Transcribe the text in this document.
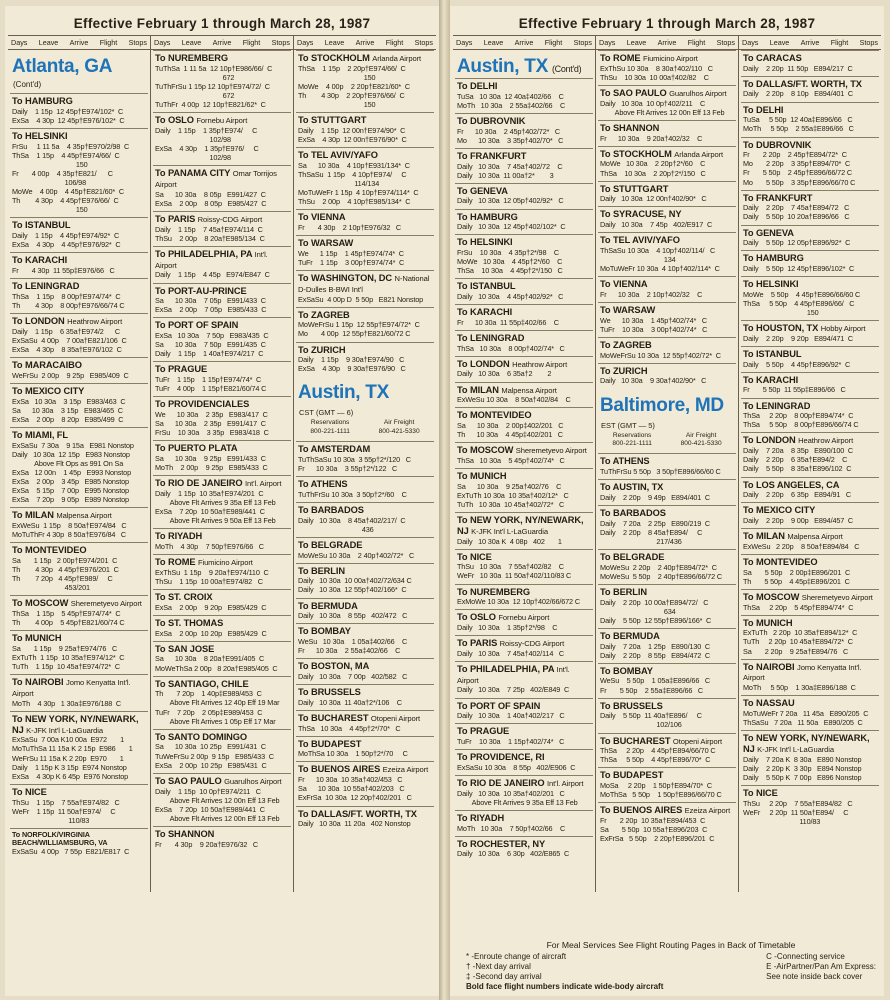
Effective February 1 through March 28, 1987
Days Leave Arrive Flight Stops Days Leave Arrive Flight Stops Days Leave Arrive Flight Stops
Atlanta, GA
(Cont'd)
To HAMBURG
Daily    1 15p  12 45p†E974/102*  C
ExSa    4 30p  12 45p†E976/102*  C
To HELSINKI
FrSu     1 11 5a    4 35p†E970/2/98  C
ThSa    1 15p    4 45p†E974/66/  C
150
Fr       4 00p    4 35p†E821/      C
106/98
MoWe    4 00p    4 45p†E821/60*  C
Th        4 30p    4 45p†E976/66/  C
150
To ISTANBUL
Daily    1 15p    4 45p†E974/92*  C
ExSa    4 30p    4 45p†E976/92*  C
To KARACHI
Fr       4 30p  11 55p‡E976/66   C
To LENINGRAD
ThSa    1 15p    8 00p†E974/74*  C
Th        4 30p    8 00p†E976/66/74 C
To LONDON Heathrow Airport
Daily    1 15p    6 35a†E974/2      C
ExSaSu  4 00p    7 00a†E821/106  C
ExSa    4 30p    8 35a†E976/102  C
To MARACAIBO
WeFrSu  2 00p    9 25p   E985/409  C
To MEXICO CITY
ExSa   10 30a    3 15p   E983/463  C
Sa      10 30a    3 15p   E983/465  C
ExSa    2 00p    8 20p   E985/499  C
To MIAMI, FL
ExSaSu  7 30a    9 15a   E981 Nonstop
Daily   10 30a  12 15p   E983 Nonstop
Above Flt Ops as 991 On Sa
ExSa   12 00n    1 45p   E993 Nonstop
ExSa    2 00p    3 45p   E985 Nonstop
ExSa    5 15p    7 00p   E995 Nonstop
ExSa    7 20p    9 05p   E989 Nonstop
To MILAN Malpensa Airport
ExWeSu  1 15p    8 50a†E974/84   C
MoTuThFr 4 30p  8 50a†E976/84   C
To MONTEVIDEO
Sa       1 15p   2 00p†E974/201  C
Th        4 30p   4 45p†E976/201  C
Th        7 20p   4 45p†E989/     C
453/201
To MOSCOW Sheremetyevo Airport
ThSa    1 15p    5 45p†E974/74*  C
Th        4 00p    5 45p†E821/60/74 C
To MUNICH
Sa       1 15p    9 25a†E974/76   C
ExTuTh  1 15p  10 35a†E974/12*  C
TuTh    1 15p  10 45a†E974/72*  C
To NAIROBI Jomo Kenyatta Int'l. Airport
MoTh    4 30p   1 30a‡E976/188  C
To NEW YORK, NY/NEWARK, NJ K-JFK Int'l L-LaGuardia
ExSaSu  7 00a K10 00a  E972       1
MoTuThSa 11 15a K 2 15p  E986       1
WeFrSu 11 15a K 2 20p  E970       1
Daily    1 15p K 3 15p  E974 Nonstop
ExSa    4 30p K 6 45p  E976 Nonstop
To NICE
ThSu    1 15p    7 55a†E974/82   C
WeFr    1 15p  11 50a†E974/     C
110/83
To NORFOLK/VIRGINIA BEACH/WILLIAMSBURG, VA
ExSaSu  4 00p   7 55p  E821/E817  C
To NUREMBERG
TuThSa  1 11 5a  12 10p†E986/66/  C
672
TuThFrSu 1 15p 12 10p†E974/72/  C
672
TuThFr  4 00p  12 10p†E821/62*  C
To OSLO Fornebu Airport
Daily    1 15p    1 35p†E974/     C
102/98
ExSa    4 30p    1 35p†E976/     C
102/98
To PANAMA CITY Omar Torrijos Airport
Sa      10 30a    8 05p   E991/427  C
ExSa    2 00p    8 05p   E985/427  C
To PARIS Roissy-CDG Airport
Daily    1 15p    7 45a†E974/114  C
ThSu    2 00p    8 20a†E985/134  C
To PHILADELPHIA, PA Int'l. Airport
Daily    1 15p    4 45p   E974/E847  C
To PORT-AU-PRINCE
Sa      10 30a    7 05p   E991/433  C
ExSa    2 00p    7 05p   E985/433  C
To PORT OF SPAIN
ExSa   10 30a    7 50p   E983/435  C
Sa      10 30a    7 50p   E991/435  C
Daily    1 15p    1 40a†E974/217  C
To PRAGUE
TuFr    1 15p    1 15p†E974/74*  C
TuFr    4 00p    1 15p†E821/60/74 C
To PROVIDENCIALES
We      10 30a    2 35p   E983/417  C
Sa      10 30a    2 35p   E991/417  C
FrSu    10 30a    3 35p   E983/418  C
To PUERTO PLATA
Sa      10 30a    9 25p   E991/433  C
MoTh    2 00p    9 25p   E985/433  C
To RIO DE JANEIRO Int'l. Airport
Daily    1 15p  10 35a†E974/201  C
Above Flt Arrives 9 35a Eff 13 Feb
ExSa    7 20p  10 50a†E989/441  C
Above Flt Arrives 9 50a Eff 13 Feb
To RIYADH
MoTh    4 30p    7 50p†E976/66   C
To ROME Fiumicino Airport
ExThSu  1 15p    9 20a†E974/110  C
ThSu    1 15p  10 00a†E974/82   C
To ST. CROIX
ExSa    2 00p    9 20p   E985/429  C
To ST. THOMAS
ExSa    2 00p  10 20p   E985/429  C
To SAN JOSE
Sa      10 30a    8 20a†E991/405  C
MoWeThSa 2 00p   8 20a†E985/405  C
To SANTIAGO, CHILE
Th       7 20p    1 40p‡E989/453  C
Above Flt Arrives 12 40p Eff 19 Mar
TuFr    7 20p    2 05p‡E989/453  C
Above Flt Arrives 1 05p Eff 17 Mar
To SANTO DOMINGO
Sa      10 30a  10 25p   E991/431  C
TuWeFrSu 2 00p  9 15p   E985/433  C
ExSa    2 00p  10 25p   E985/431  C
To SAO PAULO Guarulhos Airport
Daily    1 15p  10 0p†E974/211   C
Above Flt Arrives 12 00n Eff 13 Feb
ExSa    7 20p  10 50a†E989/441  C
Above Flt Arrives 12 00n Eff 13 Feb
To SHANNON
Fr       4 30p    9 20a†E976/32   C
To STOCKHOLM Arlanda Airport
ThSa    1 15p    2 20p†E974/66/  C
150
MoWe    4 00p    2 20p†E821/60*  C
Th        4 30p    2 20p†E976/66/  C
150
To STUTTGART
Daily    1 15p  12 00n†E974/90*  C
ExSa    4 30p  12 00n†E976/90*  C
To TEL AVIV/YAFO
Sa      10 30a    4 10p†E931/134*  C
ThSaSu  1 15p    4 10p†E974/     C
114/134
MoTuWeFr 1 15p  4 10p†E974/114*  C
ThSu    2 00p    4 10p†E985/134*  C
To VIENNA
Fr       4 30p    2 10p†E976/32   C
To WARSAW
We      1 15p    1 45p†E974/74*  C
TuFr    1 15p    3 00p†E974/74*  C
To WASHINGTON, DC N-National D-Dulles B-BWI Int'l
ExSaSu  4 00p D  5 50p   E821 Nonstop
To ZAGREB
MoWeFrSu 1 15p  12 55p†E974/72*  C
Mo       4 00p  12 55p†E821/60/72 C
To ZURICH
Daily    1 15p    9 30a†E974/90   C
ExSa    4 30p    9 30a†E976/90   C
Austin, TX
CST (GMT — 6)
Reservations
800-221-1111
Air Freight
800-421-5330
To AMSTERDAM
TuThSaSu 10 30a  3 55p†2*/120   C
Fr      10 30a    3 55p†2*/122   C
To ATHENS
TuThFrSu 10 30a  3 50p†2*/60    C
To BARBADOS
Daily   10 30a    8 45a†402/217/  C
436
To BELGRADE
MoWeSu 10 30a    2 40p†402/72*   C
To BERLIN
Daily   10 30a  10 00a†402/72/634 C
Daily   10 30a  12 55p†402/166*  C
To BERMUDA
Daily   10 30a    8 55p   402/472   C
To BOMBAY
WeSu   10 30a    1 05a‡402/66    C
Fr      10 30a    2 55a‡402/66    C
To BOSTON, MA
Daily   10 30a    7 00p   402/582   C
To BRUSSELS
Daily   10 30a  11 40a†2*/106    C
To BUCHAREST Otopeni Airport
ThSa   10 30a    4 45p†2*/70*   C
To BUDAPEST
MoThSa 10 30a    1 50p†2*/70     C
To BUENOS AIRES Ezeiza Airport
Fr      10 30a  10 35a†402/453   C
Sa      10 30a  10 55a†402/203   C
ExFrSa  10 30a  12 20p†402/201   C
To DALLAS/FT. WORTH, TX
Daily   10 30a  11 20a   402 Nonstop
Effective February 1 through March 28, 1987
Days Leave Arrive Flight Stops Days Leave Arrive Flight Stops Days Leave Arrive Flight Stops
Austin, TX (Cont'd)
To DELHI
TuSa   10 30a  12 40a‡402/66    C
MoTh   10 30a    2 55a‡402/66    C
To DUBROVNIK
Fr      10 30a    2 45p†402/72*   C
Mo      10 30a    3 35p†402/70*   C
To FRANKFURT
Daily   10 30a    7 45a†402/72    C
Daily   10 30a  11 00a†2*        3
To GENEVA
Daily   10 30a  12 05p†402/92*   C
To HAMBURG
Daily   10 30a  12 45p†402/102*  C
To HELSINKI
FrSu    10 30a    4 35p†2*/98    C
MoWe   10 30a    4 45p†2*/60    C
ThSa    10 30a    4 45p†2*/150   C
To ISTANBUL
Daily   10 30a    4 45p†402/92*   C
To KARACHI
Fr      10 30a  11 55p‡402/66    C
To LENINGRAD
ThSa   10 30a    8 00p†402/74*   C
To LONDON Heathrow Airport
Daily   10 30a    6 35a†2        2
To MILAN Malpensa Airport
ExWeSu 10 30a    8 50a†402/84    C
To MONTEVIDEO
Sa      10 30a    2 00p‡402/201   C
Th      10 30a    4 45p‡402/201   C
To MOSCOW Sheremetyevo Airport
ThSa   10 30a    5 45p†402/74*   C
To MUNICH
Sa      10 30a    9 25a†402/76    C
ExTuTh 10 30a  10 35a†402/12*   C
TuTh   10 30a  10 45a†402/72*   C
To NEW YORK, NY/NEWARK, NJ K-JFK Int'l L-LaGuardia
Daily   10 30a K  4 08p   402       1
To NICE
ThSu   10 30a    7 55a†402/82    C
WeFr   10 30a  11 50a†402/110/83 C
To NUREMBERG
ExMoWe 10 30a  12 10p†402/66/672 C
To OSLO Fornebu Airport
Daily   10 30a    1 35p†2*/98    C
To PARIS Roissy-CDG Airport
Daily   10 30a    7 45a†402/114   C
To PHILADELPHIA, PA Int'l. Airport
Daily   10 30a    7 25p   402/E849  C
To PORT OF SPAIN
Daily   10 30a    1 40a†402/217   C
To PRAGUE
TuFr    10 30a    1 15p†402/74*   C
To PROVIDENCE, RI
ExSaSu 10 30a    8 55p   402/E906  C
To RIO DE JANEIRO Int'l. Airport
Daily   10 30a  10 35a†402/201   C
Above Flt Arrives 9 35a Eff 13 Feb
To RIYADH
MoTh   10 30a    7 50p†402/66    C
To ROCHESTER, NY
Daily   10 30a    6 30p   402/E865  C
To ROME Fiumicino Airport
ExThSu 10 30a    8 30a†402/110   C
ThSu    10 30a  10 00a†402/82    C
To SAO PAULO Guarulhos Airport
Daily   10 30a  10 0p†402/211    C
Above Flt Arrives 12 00n Eff 13 Feb
To SHANNON
Fr      10 30a    9 20a†402/32    C
To STOCKHOLM Arlanda Airport
MoWe   10 30a    2 20p†2*/60    C
ThSa    10 30a    2 20p†2*/150   C
To STUTTGART
Daily   10 30a  12 00n†402/90*   C
To SYRACUSE, NY
Daily   10 30a    7 45p   402/E917  C
To TEL AVIV/YAFO
ThSaSu 10 30a    4 10p†402/114/   C
134
MoTuWeFr 10 30a  4 10p†402/114*  C
To VIENNA
Fr      10 30a    2 10p†402/32    C
To WARSAW
We      10 30a    1 45p†402/74*   C
TuFr    10 30a    3 00p†402/74*   C
To ZAGREB
MoWeFrSu 10 30a  12 55p†402/72*  C
To ZURICH
Daily   10 30a    9 30a†402/90*   C
Baltimore, MD
EST (GMT — 5)
Reservations
800-221-1111
Air Freight
800-421-5330
To ATHENS
TuThFrSu 5 50p   3 50p†E896/66/60 C
To AUSTIN, TX
Daily    2 20p    9 49p   E894/401  C
To BARBADOS
Daily    7 20a    2 25p   E890/219  C
Daily    2 20p    8 45a†E894/     C
217/436
To BELGRADE
MoWeSu  2 20p    2 40p†E894/72*  C
MoWeSu  5 50p    2 40p†E896/66/72 C
To BERLIN
Daily    2 20p  10 00a†E894/72/   C
634
Daily    5 50p  12 55p†E896/166*  C
To BERMUDA
Daily    7 20a    1 25p   E890/130  C
Daily    2 20p    8 55p   E894/472  C
To BOMBAY
WeSu    5 50p    1 05a‡E896/66   C
Fr       5 50p    2 55a‡E896/66   C
To BRUSSELS
Daily    5 50p  11 40a†E896/     C
102/106
To BUCHAREST Otopeni Airport
ThSa     2 20p    4 45p†E894/66/70 C
ThSa     5 50p    4 45p†E896/70*  C
To BUDAPEST
MoSa     2 20p    1 50p†E894/70*  C
MoThSa   5 50p    1 50p†E896/66/70 C
To BUENOS AIRES Ezeiza Airport
Fr       2 20p  10 35a†E894/453  C
Sa       5 50p  10 55a†E896/203  C
ExFrSa   5 50p    2 20p†E896/201  C
To CARACAS
Daily    2 20p  11 50p   E894/217  C
To DALLAS/FT. WORTH, TX
Daily    2 20p    8 10p   E894/401  C
To DELHI
TuSa     5 50p  12 40a‡E896/66   C
MoTh     5 50p    2 55a‡E896/66   C
To DUBROVNIK
Fr       2 20p    2 45p†E894/72*  C
Mo       2 20p    3 35p†E894/70*  C
Fr       5 50p    2 45p†E896/66/72 C
Mo       5 50p    3 35p†E896/66/70 C
To FRANKFURT
Daily    2 20p    7 45a†E894/72   C
Daily    5 50p  10 20a†E896/66   C
To GENEVA
Daily    5 50p  12 05p†E896/92*  C
To HAMBURG
Daily    5 50p  12 45p†E896/102*  C
To HELSINKI
MoWe    5 50p    4 45p†E896/66/60 C
ThSa     5 50p    4 45p†E896/66/   C
150
To HOUSTON, TX Hobby Airport
Daily    2 20p    9 20p   E894/471  C
To ISTANBUL
Daily    5 50p    4 45p†E896/92*  C
To KARACHI
Fr       5 50p  11 55p‡E896/66   C
To LENINGRAD
ThSa     2 20p    8 00p†E894/74*  C
ThSa     5 50p    8 00p†E896/66/74 C
To LONDON Heathrow Airport
Daily    7 20a    8 35p   E890/100  C
Daily    2 20p    6 35a†E894/2    C
Daily    5 50p    8 35a†E896/102  C
To LOS ANGELES, CA
Daily    2 20p    6 35p   E894/91   C
To MEXICO CITY
Daily    2 20p    9 00p   E894/457  C
To MILAN Malpensa Airport
ExWeSu   2 20p    8 50a†E894/84   C
To MONTEVIDEO
Sa       5 50p    2 00p‡E896/201  C
Th       5 50p    4 45p‡E896/201  C
To MOSCOW Sheremetyevo Airport
ThSa     2 20p    5 45p†E894/74*  C
To MUNICH
ExTuTh   2 20p  10 35a†E894/12*  C
TuTh     2 20p  10 45a†E894/72*  C
Sa       2 20p    9 25a†E894/76   C
To NAIROBI Jomo Kenyatta Int'l. Airport
MoTh     5 50p    1 30a‡E896/188  C
To NASSAU
MoTuWeFr 7 20a   11 45a   E890/205  C
ThSaSu   7 20a   11 50a   E890/205  C
To NEW YORK, NY/NEWARK, NJ K-JFK Int'l L-LaGuardia
Daily    7 20a K  8 30a   E890 Nonstop
Daily    2 20p K  3 30p   E894 Nonstop
Daily    5 50p K  7 00p   E896 Nonstop
To NICE
ThSu     2 20p    7 55a†E894/82   C
WeFr     2 20p  11 50a†E894/     C
110/83
For Meal Services See Flight Routing Pages in Back of Timetable
* -Enroute change of aircraft
† -Next day arrival
‡ -Second day arrival
C -Connecting service
E -AirPartner/Pan Am Express:
See note inside back cover
Bold face flight numbers indicate wide-body aircraft
